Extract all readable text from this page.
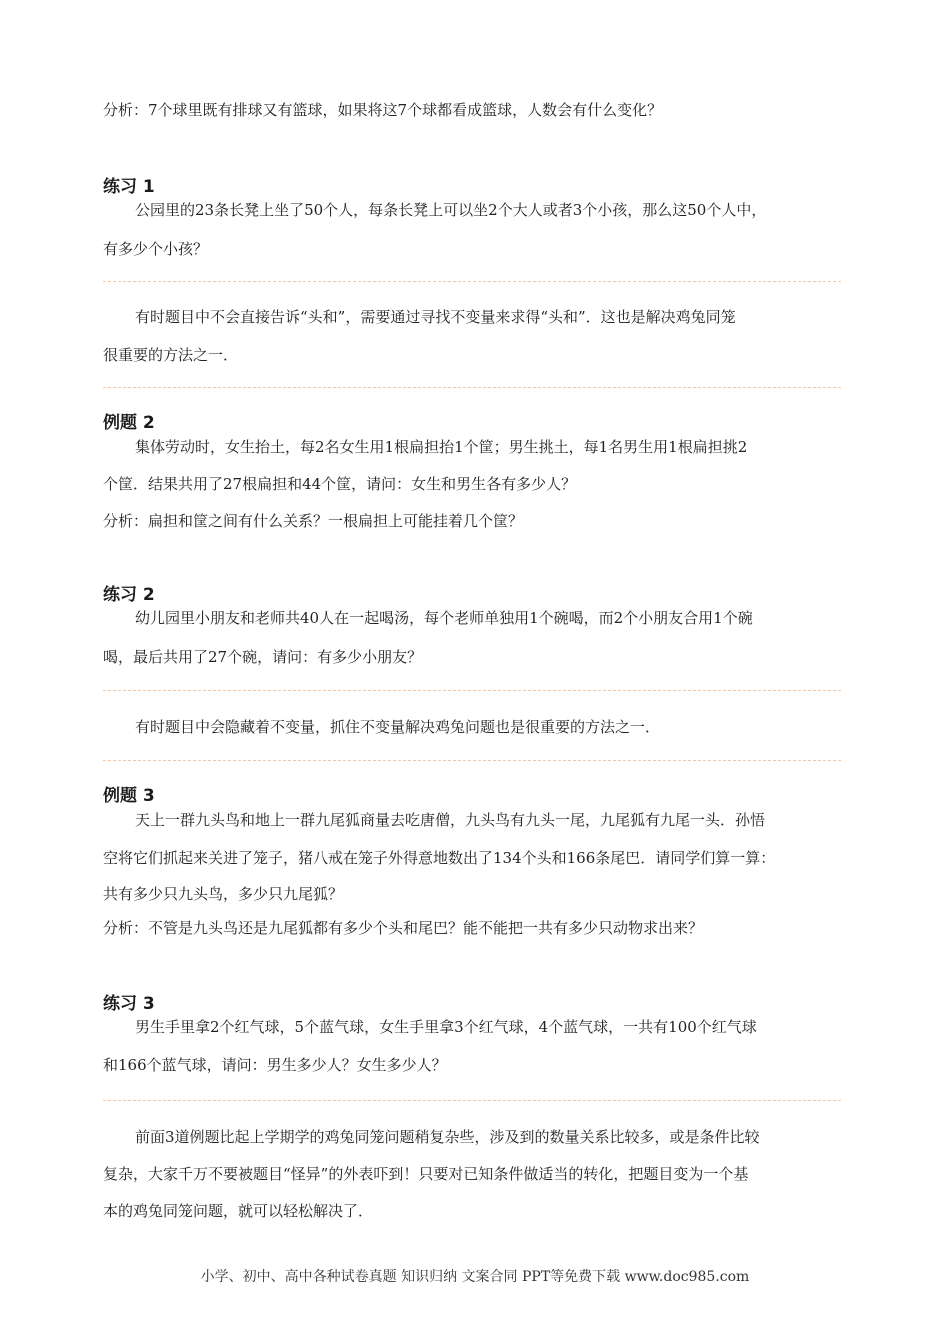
分析：7个球里既有排球又有篮球，如果将这7个球都看成篮球，人数会有什么变化？
练习 1
公园里的23条长凳上坐了50个人，每条长凳上可以坐2个大人或者3个小孩，那么这50个人中，
有多少个小孩？
有时题目中不会直接告诉“头和”，需要通过寻找不变量来求得“头和”．这也是解决鸡兔同笼
很重要的方法之一．
例题 2
集体劳动时，女生抬土，每2名女生用1根扁担抬1个筐；男生挑土，每1名男生用1根扁担挑2
个筐．结果共用了27根扁担和44个筐，请问：女生和男生各有多少人？
分析：扁担和筐之间有什么关系？一根扁担上可能挂着几个筐？
练习 2
幼儿园里小朋友和老师共40人在一起喝汤，每个老师单独用1个碗喝，而2个小朋友合用1个碗
喝，最后共用了27个碗，请问：有多少小朋友？
有时题目中会隐藏着不变量，抓住不变量解决鸡兔问题也是很重要的方法之一．
例题 3
天上一群九头鸟和地上一群九尾狐商量去吃唐僧，九头鸟有九头一尾，九尾狐有九尾一头．孙悟
空将它们抓起来关进了笼子，猪八戒在笼子外得意地数出了134个头和166条尾巴．请同学们算一算：
共有多少只九头鸟，多少只九尾狐？
分析：不管是九头鸟还是九尾狐都有多少个头和尾巴？能不能把一共有多少只动物求出来？
练习 3
男生手里拿2个红气球，5个蓝气球，女生手里拿3个红气球，4个蓝气球，一共有100个红气球
和166个蓝气球，请问：男生多少人？女生多少人？
前面3道例题比起上学期学的鸡兔同笼问题稍复杂些，涉及到的数量关系比较多，或是条件比较
复杂，大家千万不要被题目“怪异”的外表吓到！只要对已知条件做适当的转化，把题目变为一个基
本的鸡兔同笼问题，就可以轻松解决了．
小学、初中、高中各种试卷真题 知识归纳 文案合同 PPT等免费下载 www.doc985.com
